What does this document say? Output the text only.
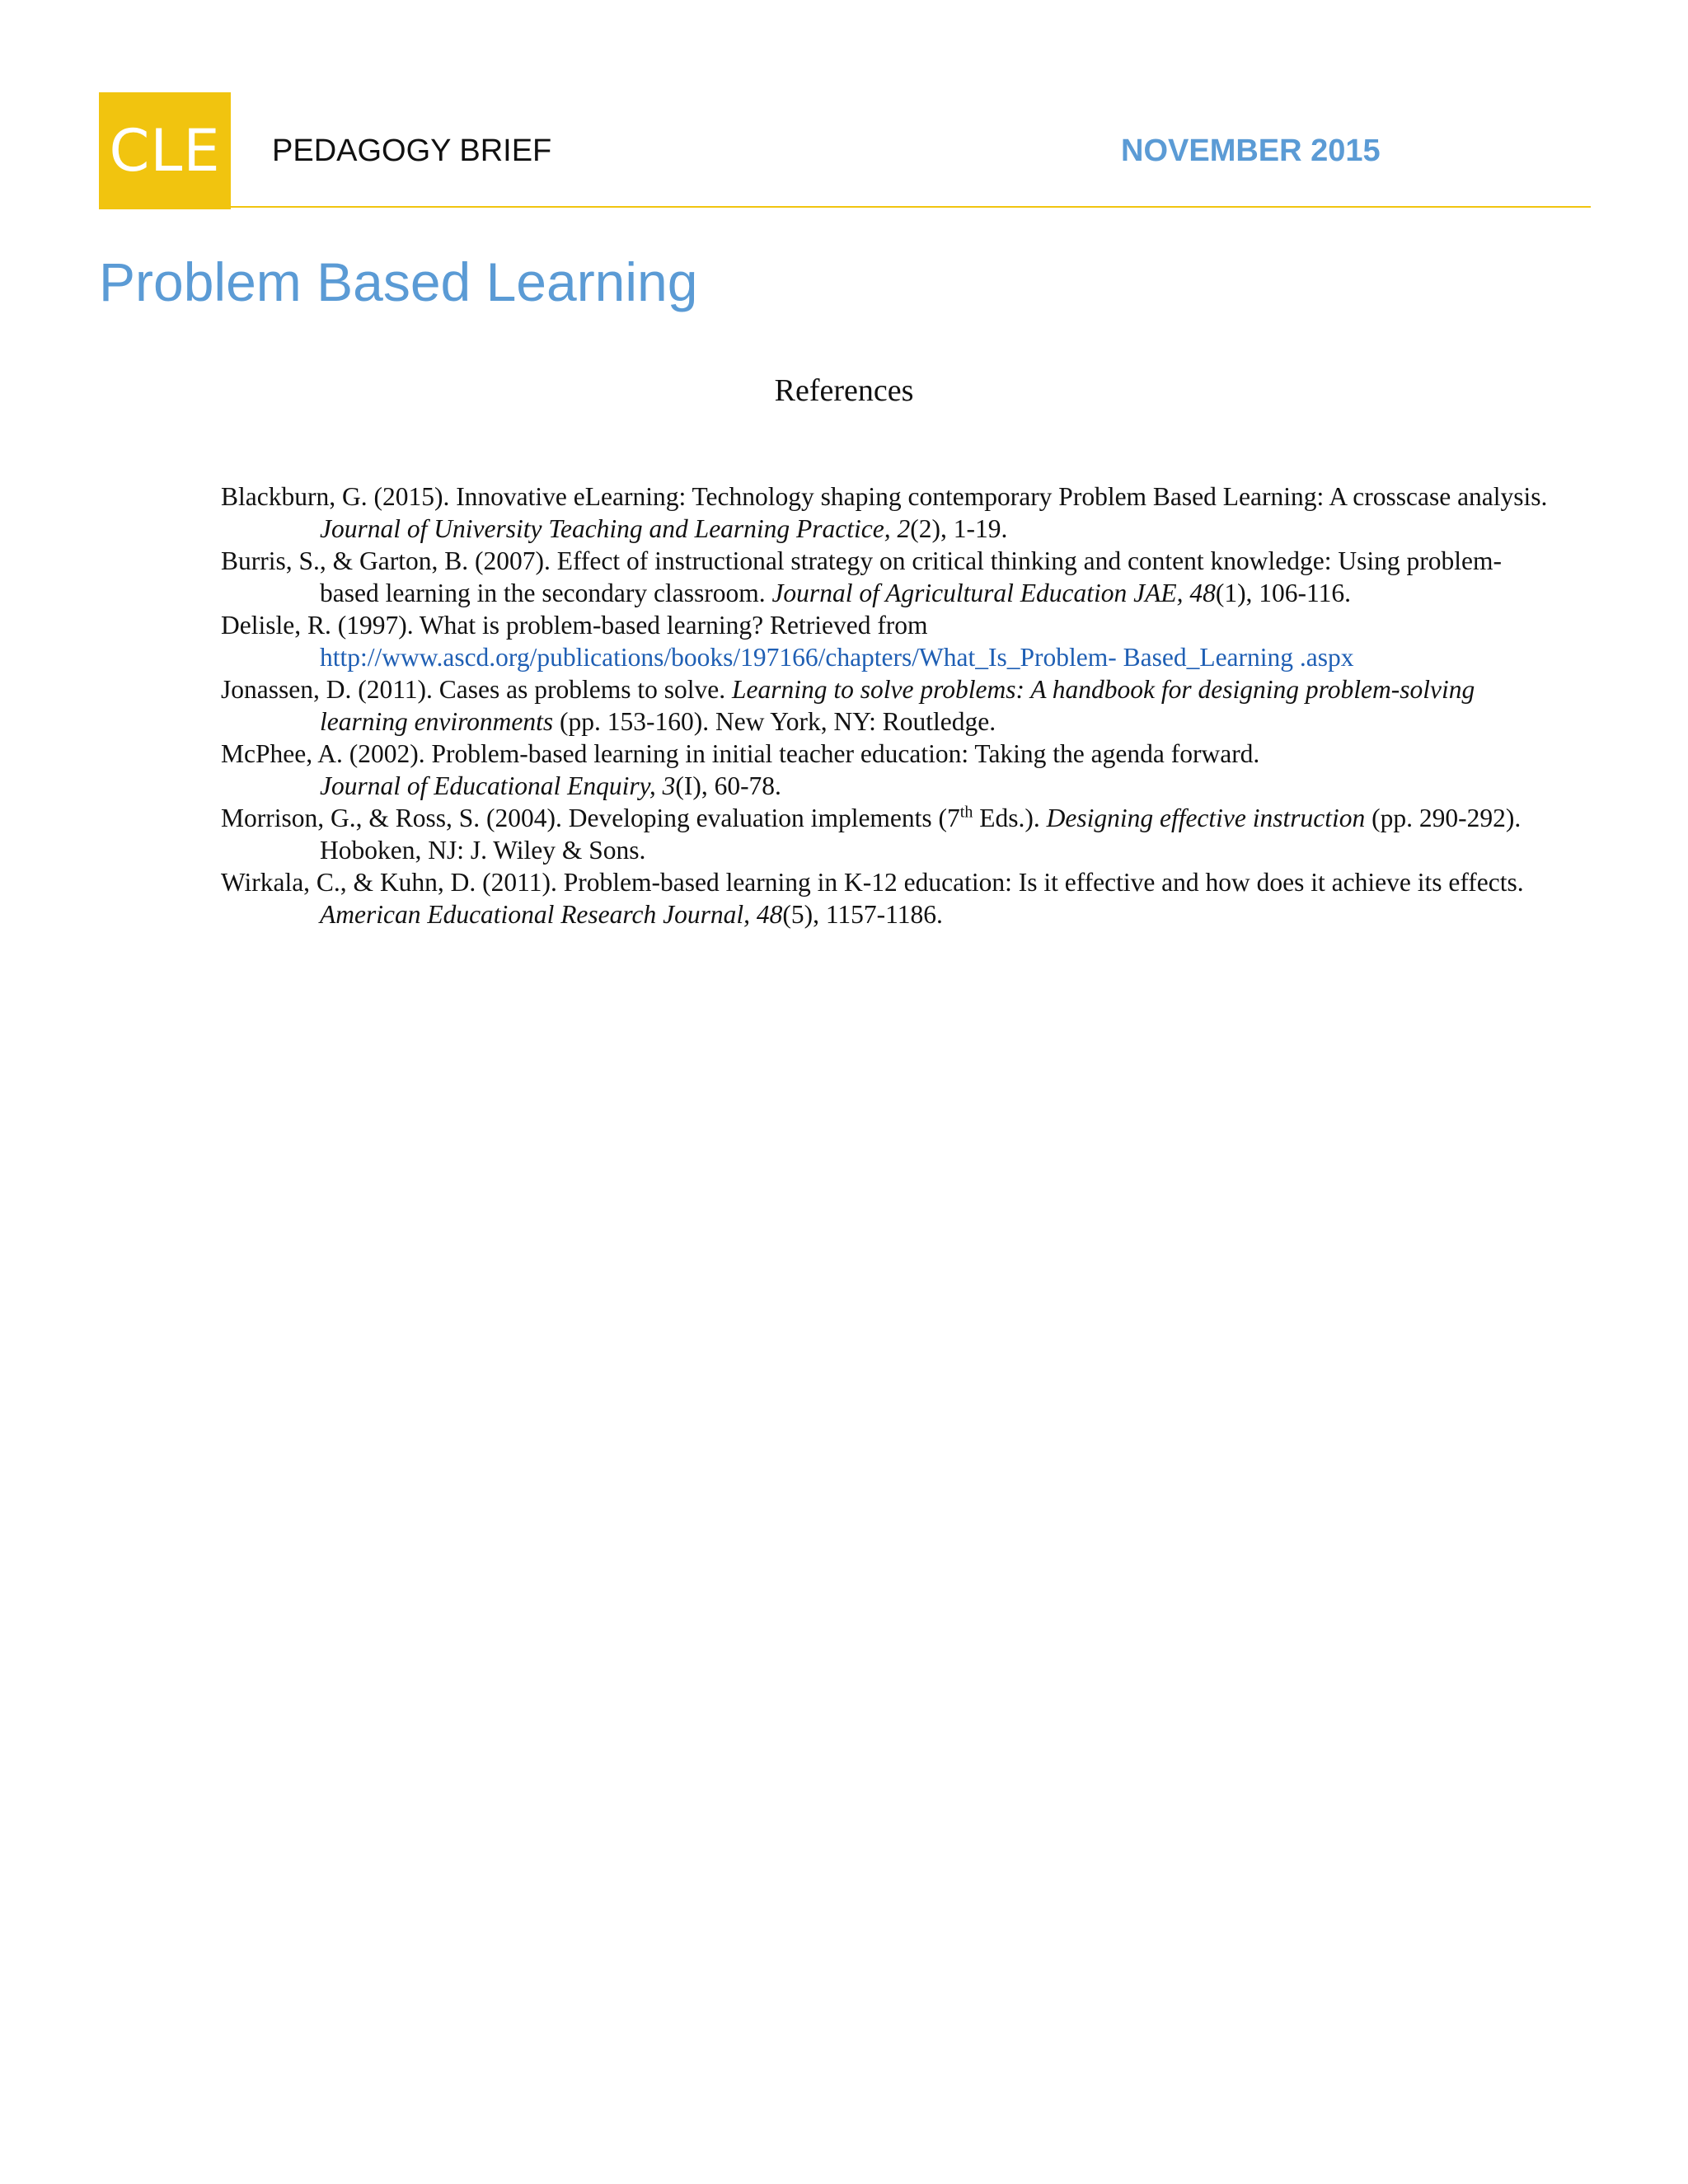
CLE PEDAGOGY BRIEF	NOVEMBER 2015
Problem Based Learning
References
Blackburn, G. (2015). Innovative eLearning: Technology shaping contemporary Problem Based Learning: A crosscase analysis. Journal of University Teaching and Learning Practice, 2(2), 1-19.
Burris, S., & Garton, B. (2007). Effect of instructional strategy on critical thinking and content knowledge: Using problem-based learning in the secondary classroom. Journal of Agricultural Education JAE, 48(1), 106-116.
Delisle, R. (1997). What is problem-based learning? Retrieved from
http://www.ascd.org/publications/books/197166/chapters/What_Is_Problem- Based_Learning .aspx
Jonassen, D. (2011). Cases as problems to solve. Learning to solve problems: A handbook for designing problem-solving learning environments (pp. 153-160). New York, NY: Routledge.
McPhee, A. (2002). Problem-based learning in initial teacher education: Taking the agenda forward.
Journal of Educational Enquiry, 3(I), 60-78.
Morrison, G., & Ross, S. (2004). Developing evaluation implements (7th Eds.). Designing effective instruction (pp. 290-292). Hoboken, NJ: J. Wiley & Sons.
Wirkala, C., & Kuhn, D. (2011). Problem-based learning in K-12 education: Is it effective and how does it achieve its effects. American Educational Research Journal, 48(5), 1157-1186.
